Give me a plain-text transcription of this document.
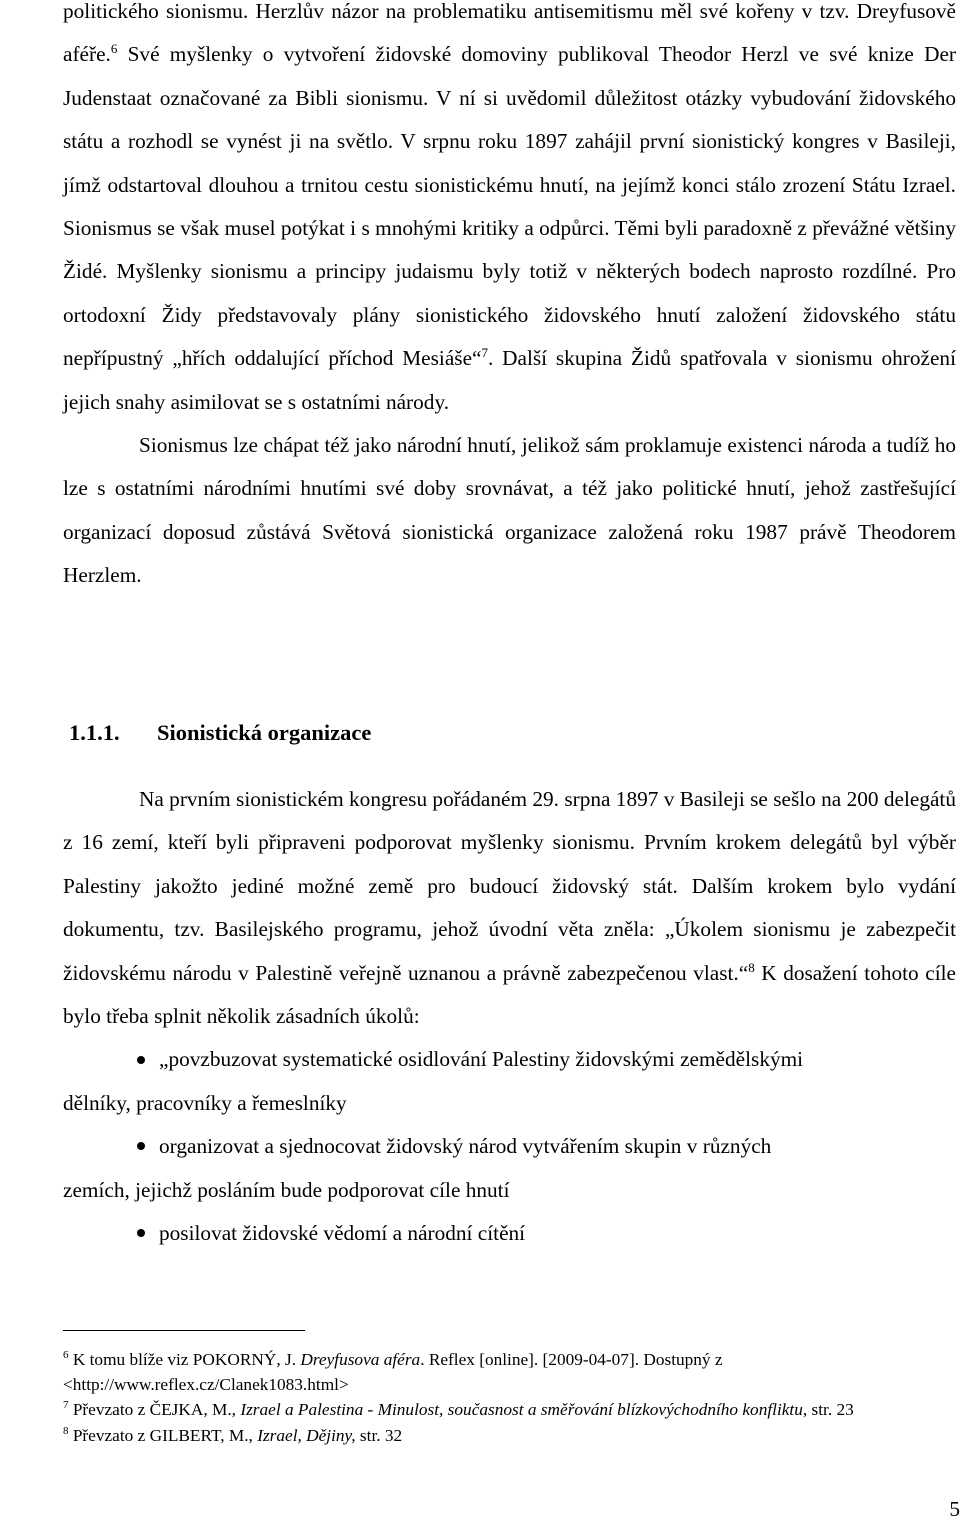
politického sionismu. Herzlův názor na problematiku antisemitismu měl své kořeny v tzv. Dreyfusově aféře.$^6$ Své myšlenky o vytvoření židovské domoviny publikoval Theodor Herzl ve své knize Der Judenstaat označované za Bibli sionismu. V ní si uvědomil důležitost otázky vybudování židovského státu a rozhodl se vynést ji na světlo. V srpnu roku 1897 zahájil první sionistický kongres v Basileji, jímž odstartoval dlouhou a trnitou cestu sionistickému hnutí, na jejímž konci stálo zrození Státu Izrael. Sionismus se však musel potýkat i s mnohými kritiky a odpůrci. Těmi byli paradoxně z převážné většiny Židé. Myšlenky sionismu a principy judaismu byly totiž v některých bodech naprosto rozdílné. Pro ortodoxní Židy představovaly plány sionistického židovského hnutí založení židovského státu nepřípustný „hřích oddalující příchod Mesiáše“$^7$. Další skupina Židů spatřovala v sionismu ohrožení jejich snahy asimilovat se s ostatními národy.

Sionismus lze chápat též jako národní hnutí, jelikož sám proklamuje existenci národa a tudíž ho lze s ostatními národními hnutími své doby srovnávat, a též jako politické hnutí, jehož zastřešující organizací doposud zůstává Světová sionistická organizace založená roku 1987 právě Theodorem Herzlem.

1.1.1. Sionistická organizace

Na prvním sionistickém kongresu pořádaném 29. srpna 1897 v Basileji se sešlo na 200 delegátů z 16 zemí, kteří byli připraveni podporovat myšlenky sionismu. Prvním krokem delegátů byl výběr Palestiny jakožto jediné možné země pro budoucí židovský stát. Dalším krokem bylo vydání dokumentu, tzv. Basilejského programu, jehož úvodní věta zněla: „Úkolem sionismu je zabezpečit židovskému národu v Palestině veřejně uznanou a právně zabezpečenou vlast.“$^8$ K dosažení tohoto cíle bylo třeba splnit několik zásadních úkolů:

„povzbuzovat systematické osidlování Palestiny židovskými zemědělskými
dělníky, pracovníky a řemeslníky

organizovat a sjednocovat židovský národ vytvářením skupin v různých
zemích, jejichž posláním bude podporovat cíle hnutí

posilovat židovské vědomí a národní cítění

$^6$ K tomu blíže viz POKORNÝ, J. Dreyfusova aféra. Reflex [online]. [2009-04-07]. Dostupný z <http://www.reflex.cz/Clanek1083.html>

$^7$ Převzato z ČEJKA, M., Izrael a Palestina - Minulost, současnost a směřování blízkovýchodního konfliktu, str. 23

$^8$ Převzato z GILBERT, M., Izrael, Dějiny, str. 32

5
